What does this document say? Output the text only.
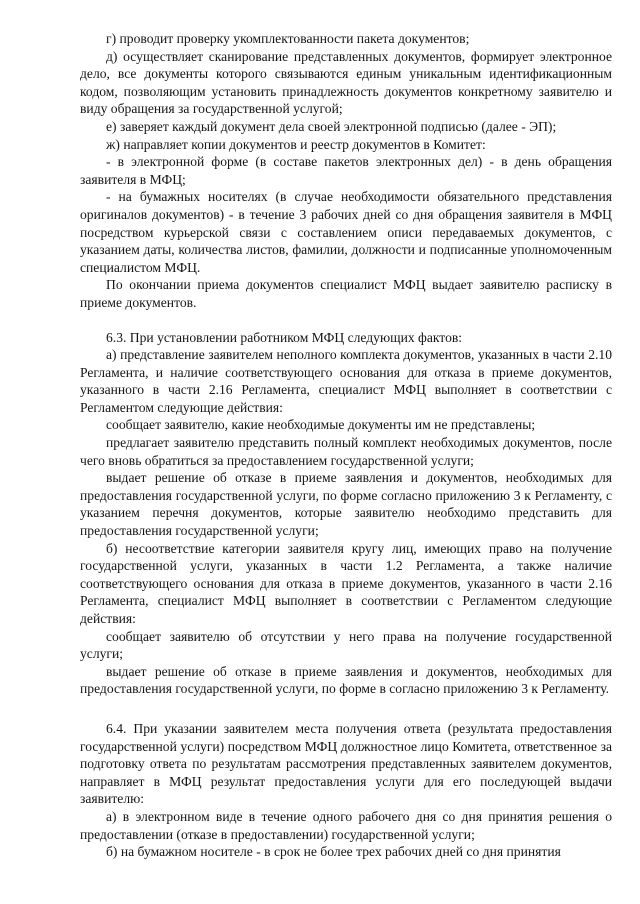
г) проводит проверку укомплектованности пакета документов;

д) осуществляет сканирование представленных документов, формирует электронное дело, все документы которого связываются единым уникальным идентификационным кодом, позволяющим установить принадлежность документов конкретному заявителю и виду обращения за государственной услугой;

е) заверяет каждый документ дела своей электронной подписью (далее - ЭП);

ж) направляет копии документов и реестр документов в Комитет:

- в электронной форме (в составе пакетов электронных дел) - в день обращения заявителя в МФЦ;

- на бумажных носителях (в случае необходимости обязательного представления оригиналов документов) - в течение 3 рабочих дней со дня обращения заявителя в МФЦ посредством курьерской связи с составлением описи передаваемых документов, с указанием даты, количества листов, фамилии, должности и подписанные уполномоченным специалистом МФЦ.

По окончании приема документов специалист МФЦ выдает заявителю расписку в приеме документов.

6.3. При установлении работником МФЦ следующих фактов:

а) представление заявителем неполного комплекта документов, указанных в части 2.10 Регламента, и наличие соответствующего основания для отказа в приеме документов, указанного в части 2.16 Регламента, специалист МФЦ выполняет в соответствии с Регламентом следующие действия:

сообщает заявителю, какие необходимые документы им не представлены;

предлагает заявителю представить полный комплект необходимых документов, после чего вновь обратиться за предоставлением государственной услуги;

выдает решение об отказе в приеме заявления и документов, необходимых для предоставления государственной услуги, по форме согласно приложению 3 к Регламенту, с указанием перечня документов, которые заявителю необходимо представить для предоставления государственной услуги;

б) несоответствие категории заявителя кругу лиц, имеющих право на получение государственной услуги, указанных в части 1.2 Регламента, а также наличие соответствующего основания для отказа в приеме документов, указанного в части 2.16 Регламента, специалист МФЦ выполняет в соответствии с Регламентом следующие действия:

сообщает заявителю об отсутствии у него права на получение государственной услуги;

выдает решение об отказе в приеме заявления и документов, необходимых для предоставления государственной услуги, по форме в согласно приложению 3 к Регламенту.

6.4. При указании заявителем места получения ответа (результата предоставления государственной услуги) посредством МФЦ должностное лицо Комитета, ответственное за подготовку ответа по результатам рассмотрения представленных заявителем документов, направляет в МФЦ результат предоставления услуги для его последующей выдачи заявителю:

а) в электронном виде в течение одного рабочего дня со дня принятия решения о предоставлении (отказе в предоставлении) государственной услуги;

б) на бумажном носителе - в срок не более трех рабочих дней со дня принятия
